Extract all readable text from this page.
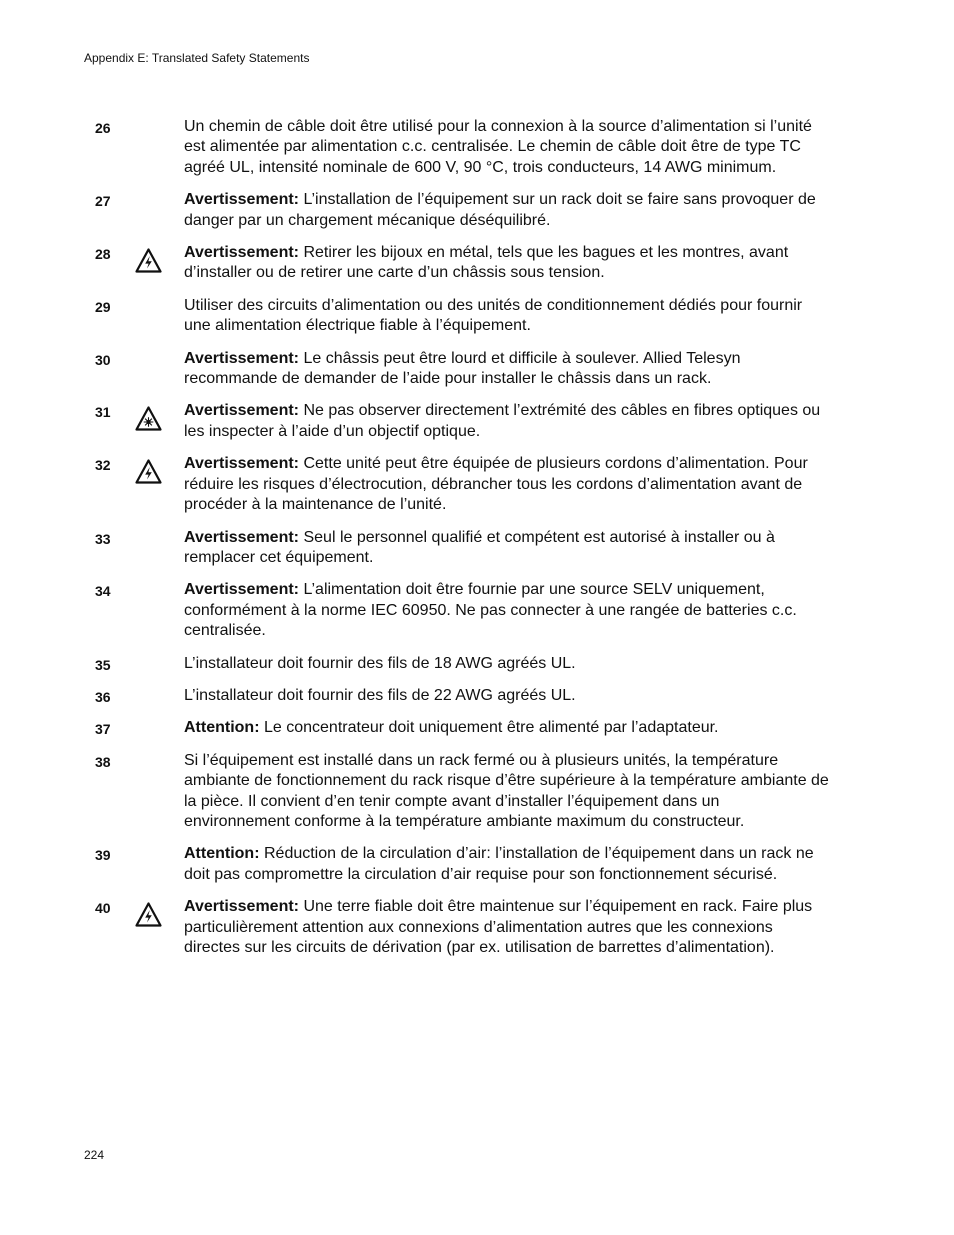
Appendix E: Translated Safety Statements
26	Un chemin de câble doit être utilisé pour la connexion à la source d’alimentation si l’unité est alimentée par alimentation c.c. centralisée. Le chemin de câble doit être de type TC agréé UL, intensité nominale de 600 V, 90 °C, trois conducteurs, 14 AWG minimum.
27	Avertissement: L’installation de l’équipement sur un rack doit se faire sans provoquer de danger par un chargement mécanique déséquilibré.
28	Avertissement: Retirer les bijoux en métal, tels que les bagues et les montres, avant d’installer ou de retirer une carte d’un châssis sous tension.
29	Utiliser des circuits d’alimentation ou des unités de conditionnement dédiés pour fournir une alimentation électrique fiable à l’équipement.
30	Avertissement: Le châssis peut être lourd et difficile à soulever. Allied Telesyn recommande de demander de l’aide pour installer le châssis dans un rack.
31	Avertissement: Ne pas observer directement l’extrémité des câbles en fibres optiques ou les inspecter à l’aide d’un objectif optique.
32	Avertissement: Cette unité peut être équipée de plusieurs cordons d’alimentation. Pour réduire les risques d’électrocution, débrancher tous les cordons d’alimentation avant de procéder à la maintenance de l’unité.
33	Avertissement: Seul le personnel qualifié et compétent est autorisé à installer ou à remplacer cet équipement.
34	Avertissement: L’alimentation doit être fournie par une source SELV uniquement, conformément à la norme IEC 60950. Ne pas connecter à une rangée de batteries c.c. centralisée.
35	L’installateur doit fournir des fils de 18 AWG agréés UL.
36	L’installateur doit fournir des fils de 22 AWG agréés UL.
37	Attention: Le concentrateur doit uniquement être alimenté par l’adaptateur.
38	Si l’équipement est installé dans un rack fermé ou à plusieurs unités, la température ambiante de fonctionnement du rack risque d’être supérieure à la température ambiante de la pièce. Il convient d’en tenir compte avant d’installer l’équipement dans un environnement conforme à la température ambiante maximum du constructeur.
39	Attention: Réduction de la circulation d’air: l’installation de l’équipement dans un rack ne doit pas compromettre la circulation d’air requise pour son fonctionnement sécurisé.
40	Avertissement: Une terre fiable doit être maintenue sur l’équipement en rack. Faire plus particulièrement attention aux connexions d’alimentation autres que les connexions directes sur les circuits de dérivation (par ex. utilisation de barrettes d’alimentation).
224
